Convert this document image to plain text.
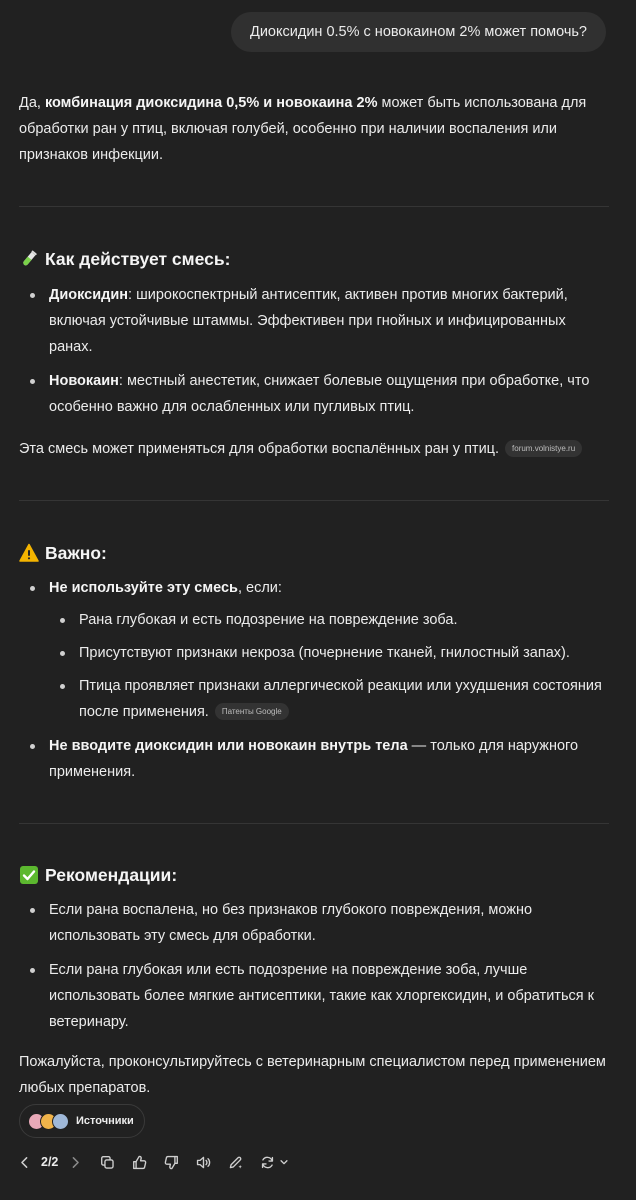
Диоксидин 0.5% с новокаином 2% может помочь?

Да, комбинация диоксидина 0,5% и новокаина 2% может быть использована для обработки ран у птиц, включая голубей, особенно при наличии воспаления или признаков инфекции.

Как действует смесь:

Диоксидин: широкоспектрный антисептик, активен против многих бактерий, включая устойчивые штаммы. Эффективен при гнойных и инфицированных ранах.

Новокаин: местный анестетик, снижает болевые ощущения при обработке, что особенно важно для ослабленных или пугливых птиц.

Эта смесь может применяться для обработки воспалённых ран у птиц. forum.volnistye.ru

Важно:

Не используйте эту смесь, если:

Рана глубокая и есть подозрение на повреждение зоба.

Присутствуют признаки некроза (почернение тканей, гнилостный запах).

Птица проявляет признаки аллергической реакции или ухудшения состояния после применения. Патенты Google

Не вводите диоксидин или новокаин внутрь тела — только для наружного применения.

Рекомендации:

Если рана воспалена, но без признаков глубокого повреждения, можно использовать эту смесь для обработки.

Если рана глубокая или есть подозрение на повреждение зоба, лучше использовать более мягкие антисептики, такие как хлоргексидин, и обратиться к ветеринару.

Пожалуйста, проконсультируйтесь с ветеринарным специалистом перед применением любых препаратов.

Источники
2/2
